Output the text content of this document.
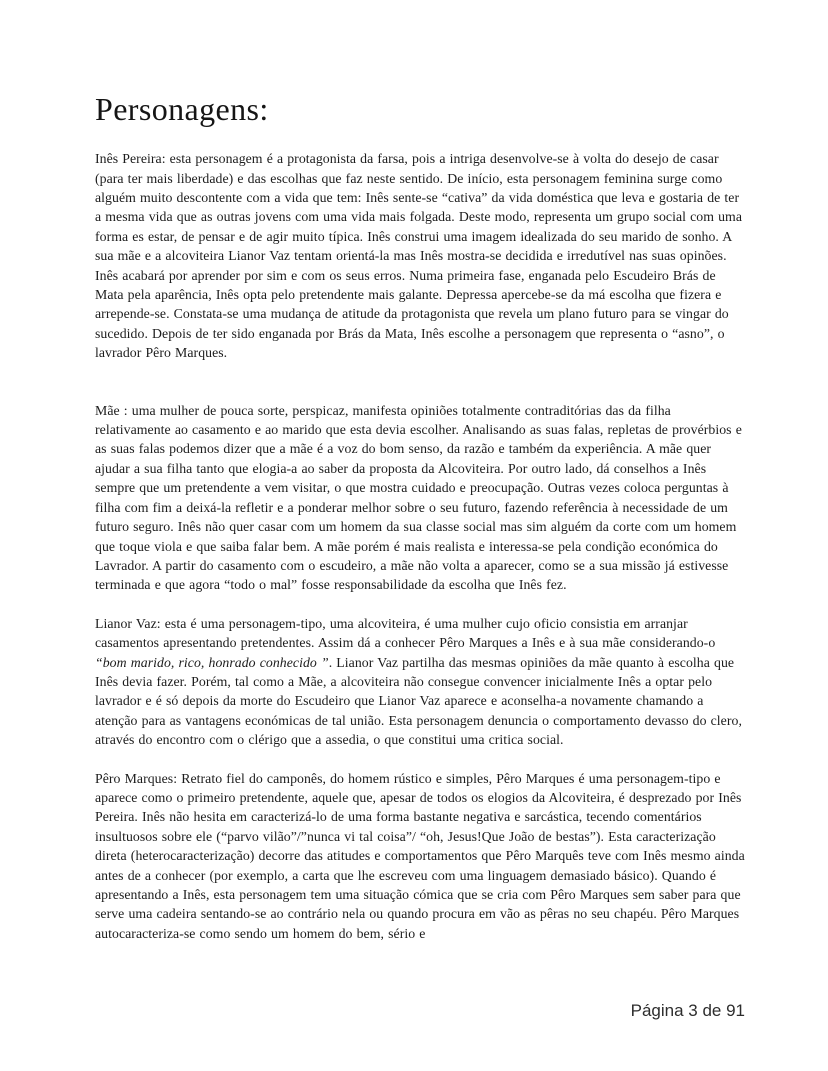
Personagens:

Inês Pereira: esta personagem é a protagonista da farsa, pois a intriga desenvolve-se à volta do desejo de casar (para ter mais liberdade) e das escolhas que faz neste sentido. De início, esta personagem feminina surge como alguém muito descontente com a vida que tem: Inês sente-se “cativa” da vida doméstica que leva e gostaria de ter a mesma vida que as outras jovens com uma vida mais folgada. Deste modo, representa um grupo social com uma forma es estar, de pensar e de agir muito típica. Inês construi uma imagem idealizada do seu marido de sonho. A sua mãe e a alcoviteira Lianor Vaz tentam orientá-la mas Inês mostra-se decidida e irredutível nas suas opinões. Inês acabará por aprender por sim e com os seus erros. Numa primeira fase, enganada pelo Escudeiro Brás de Mata pela aparência, Inês opta pelo pretendente mais galante. Depressa apercebe-se da má escolha que fizera e arrepende-se. Constata-se uma mudança de atitude da protagonista que revela um plano futuro para se vingar do sucedido. Depois de ter sido enganada por Brás da Mata, Inês escolhe a personagem que representa o “asno”, o lavrador Pêro Marques.

Mãe : uma mulher de pouca sorte, perspicaz, manifesta opiniões totalmente contraditórias das da filha relativamente ao casamento e ao marido que esta devia escolher. Analisando as suas falas, repletas de provérbios e as suas falas podemos dizer que a mãe é a voz do bom senso, da razão e também da experiência. A mãe quer ajudar a sua filha tanto que elogia-a ao saber da proposta da Alcoviteira. Por outro lado, dá conselhos a Inês sempre que um pretendente a vem visitar, o que mostra cuidado e preocupação. Outras vezes coloca perguntas à filha com fim a deixá-la refletir e a ponderar melhor sobre o seu futuro, fazendo referência à necessidade de um futuro seguro. Inês não quer casar com um homem da sua classe social mas sim alguém da corte com um homem que toque viola e que saiba falar bem. A mãe porém é mais realista e interessa-se pela condição económica do Lavrador. A partir do casamento com o escudeiro, a mãe não volta a aparecer, como se a sua missão já estivesse terminada e que agora “todo o mal” fosse responsabilidade da escolha que Inês fez.

Lianor Vaz: esta é uma personagem-tipo, uma alcoviteira, é uma mulher cujo oficio consistia em arranjar casamentos apresentando pretendentes. Assim dá a conhecer Pêro Marques a Inês e à sua mãe considerando-o “bom marido, rico, honrado conhecido ”. Lianor Vaz partilha das mesmas opiniões da mãe quanto à escolha que Inês devia fazer. Porém, tal como a Mãe, a alcoviteira não consegue convencer inicialmente Inês a optar pelo lavrador e é só depois da morte do Escudeiro que Lianor Vaz aparece e aconselha-a novamente chamando a atenção para as vantagens económicas de tal união. Esta personagem denuncia o comportamento devasso do clero, através do encontro com o clérigo que a assedia, o que constitui uma critica social.

Pêro Marques: Retrato fiel do camponês, do homem rústico e simples, Pêro Marques é uma personagem-tipo e aparece como o primeiro pretendente, aquele que, apesar de todos os elogios da Alcoviteira, é desprezado por Inês Pereira. Inês não hesita em caracterizá-lo de uma forma bastante negativa e sarcástica, tecendo comentários insultuosos sobre ele (“parvo vilão”/”nunca vi tal coisa”/ “oh, Jesus!Que João de bestas”). Esta caracterização direta (heterocaracterização) decorre das atitudes e comportamentos que Pêro Marquês teve com Inês mesmo ainda antes de a conhecer (por exemplo, a carta que lhe escreveu com uma linguagem demasiado básico). Quando é apresentando a Inês, esta personagem tem uma situação cómica que se cria com Pêro Marques sem saber para que serve uma cadeira sentando-se ao contrário nela ou quando procura em vão as pêras no seu chapéu. Pêro Marques autocaracteriza-se como sendo um homem do bem, sério e

Página 3 de 91
